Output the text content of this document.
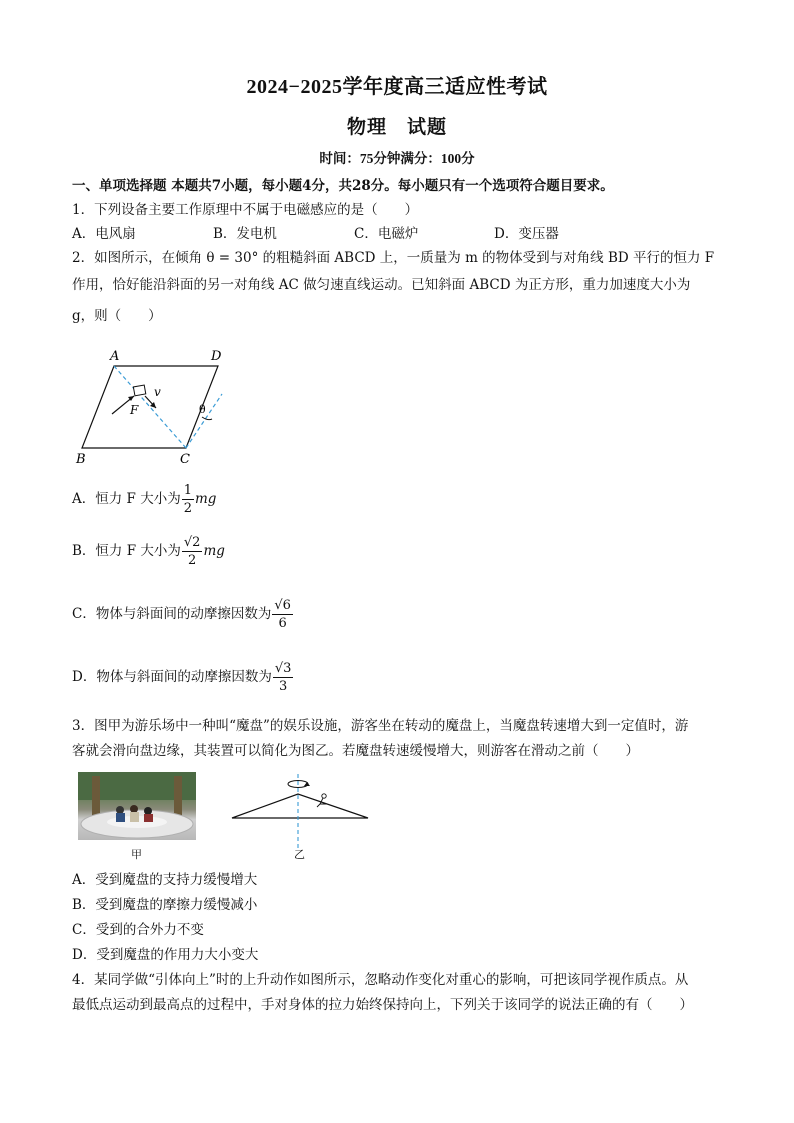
2024−2025学年度高三适应性考试
物理　试题
时间：75分钟满分：100分
一、单项选择题 本题共7小题，每小题4分，共28分。每小题只有一个选项符合题目要求。
1．下列设备主要工作原理中不属于电磁感应的是（　　）
A．电风扇	B．发电机	C．电磁炉	D．变压器
2．如图所示，在倾角 θ = 30° 的粗糙斜面 ABCD 上，一质量为 m 的物体受到与对角线 BD 平行的恒力 F
作用，恰好能沿斜面的另一对角线 AC 做匀速直线运动。已知斜面 ABCD 为正方形，重力加速度大小为
g，则（　　）
A	D
B	C
F
v
θ
A．恒力 F 大小为 $\frac{1}{2}$ mg
B．恒力 F 大小为 $\frac{√2}{2}$ mg
C．物体与斜面间的动摩擦因数为 $\frac{√6}{6}$
D．物体与斜面间的动摩擦因数为 $\frac{√3}{3}$
3．图甲为游乐场中一种叫“魔盘”的娱乐设施，游客坐在转动的魔盘上，当魔盘转速增大到一定值时，游
客就会滑向盘边缘，其装置可以简化为图乙。若魔盘转速缓慢增大，则游客在滑动之前（　　）
甲	乙
A．受到魔盘的支持力缓慢增大
B．受到魔盘的摩擦力缓慢减小
C．受到的合外力不变
D．受到魔盘的作用力大小变大
4．某同学做“引体向上”时的上升动作如图所示，忽略动作变化对重心的影响，可把该同学视作质点。从
最低点运动到最高点的过程中，手对身体的拉力始终保持向上，下列关于该同学的说法正确的有（　　）
